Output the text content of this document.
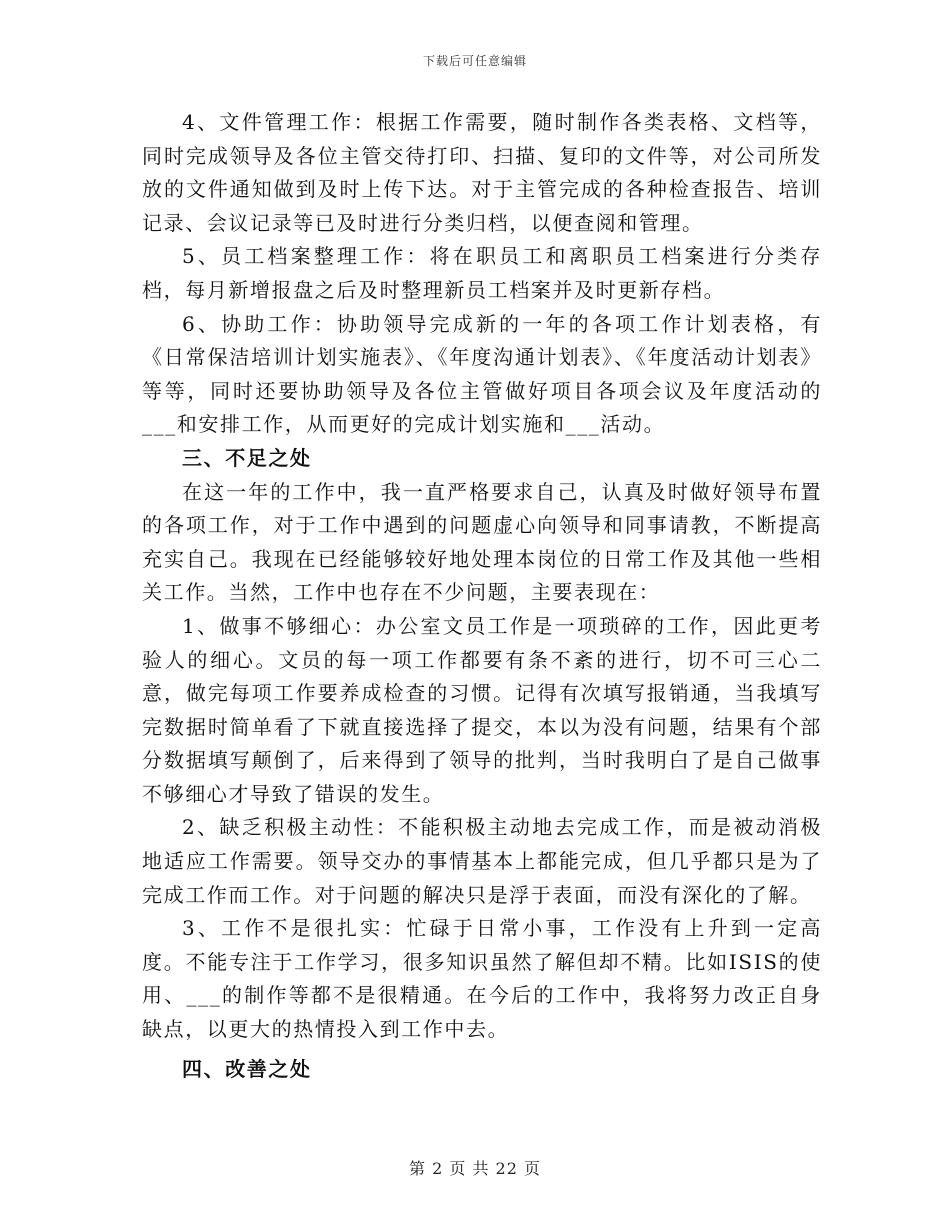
下载后可任意编辑

4、文件管理工作：根据工作需要，随时制作各类表格、文档等，同时完成领导及各位主管交待打印、扫描、复印的文件等，对公司所发放的文件通知做到及时上传下达。对于主管完成的各种检查报告、培训记录、会议记录等已及时进行分类归档，以便查阅和管理。

5、员工档案整理工作：将在职员工和离职员工档案进行分类存档，每月新增报盘之后及时整理新员工档案并及时更新存档。

6、协助工作：协助领导完成新的一年的各项工作计划表格，有《日常保洁培训计划实施表》、《年度沟通计划表》、《年度活动计划表》等等，同时还要协助领导及各位主管做好项目各项会议及年度活动的___和安排工作，从而更好的完成计划实施和___活动。

三、不足之处

在这一年的工作中，我一直严格要求自己，认真及时做好领导布置的各项工作，对于工作中遇到的问题虚心向领导和同事请教，不断提高充实自己。我现在已经能够较好地处理本岗位的日常工作及其他一些相关工作。当然，工作中也存在不少问题，主要表现在：

1、做事不够细心：办公室文员工作是一项琐碎的工作，因此更考验人的细心。文员的每一项工作都要有条不紊的进行，切不可三心二意，做完每项工作要养成检查的习惯。记得有次填写报销通，当我填写完数据时简单看了下就直接选择了提交，本以为没有问题，结果有个部分数据填写颠倒了，后来得到了领导的批判，当时我明白了是自己做事不够细心才导致了错误的发生。

2、缺乏积极主动性：不能积极主动地去完成工作，而是被动消极地适应工作需要。领导交办的事情基本上都能完成，但几乎都只是为了完成工作而工作。对于问题的解决只是浮于表面，而没有深化的了解。

3、工作不是很扎实：忙碌于日常小事，工作没有上升到一定高度。不能专注于工作学习，很多知识虽然了解但却不精。比如ISIS的使用、___的制作等都不是很精通。在今后的工作中，我将努力改正自身缺点，以更大的热情投入到工作中去。

四、改善之处

第 2 页 共 22 页
